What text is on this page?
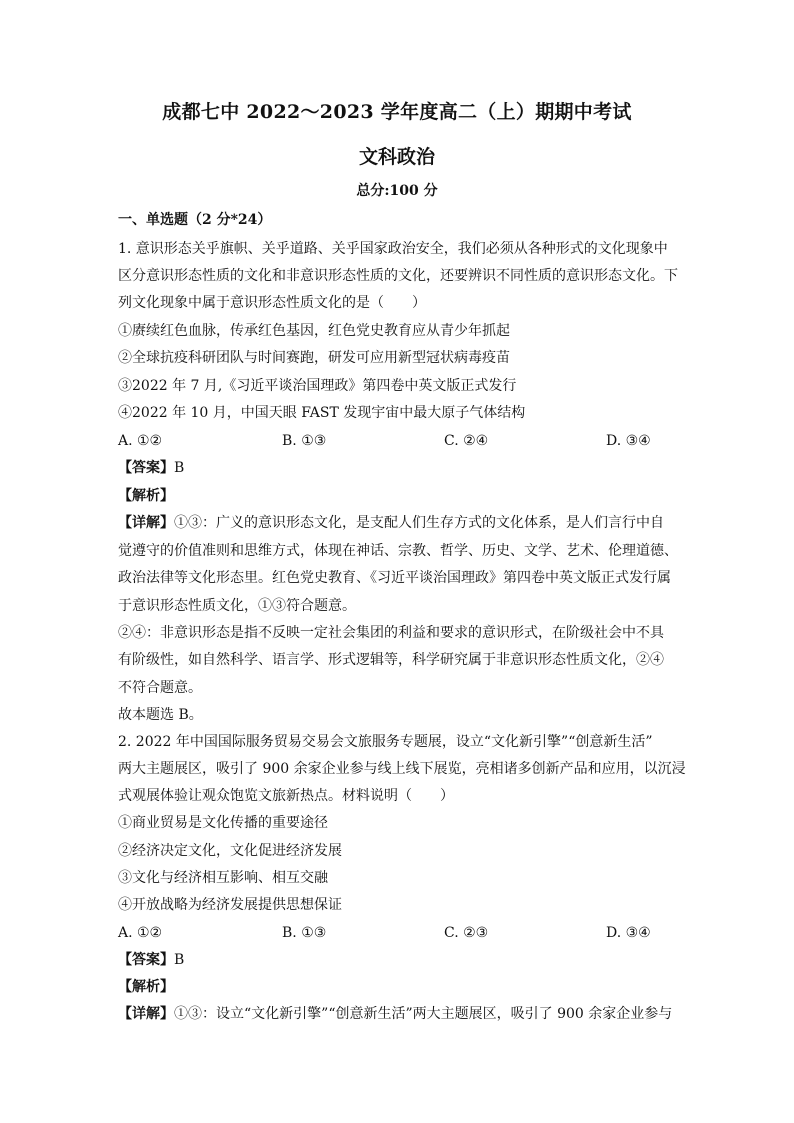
成都七中 2022～2023 学年度高二（上）期期中考试
文科政治
总分:100 分
一、单选题（2 分*24）
1. 意识形态关乎旗帜、关乎道路、关乎国家政治安全，我们必须从各种形式的文化现象中
区分意识形态性质的文化和非意识形态性质的文化，还要辨识不同性质的意识形态文化。下
列文化现象中属于意识形态性质文化的是（　　）
①赓续红色血脉，传承红色基因，红色党史教育应从青少年抓起
②全球抗疫科研团队与时间赛跑，研发可应用新型冠状病毒疫苗
③2022 年 7 月,《习近平谈治国理政》第四卷中英文版正式发行
④2022 年 10 月，中国天眼 FAST 发现宇宙中最大原子气体结构
A. ①②	B. ①③	C. ②④	D. ③④
【答案】B
【解析】
【详解】①③：广义的意识形态文化，是支配人们生存方式的文化体系，是人们言行中自
觉遵守的价值准则和思维方式，体现在神话、宗教、哲学、历史、文学、艺术、伦理道德、
政治法律等文化形态里。红色党史教育、《习近平谈治国理政》第四卷中英文版正式发行属
于意识形态性质文化，①③符合题意。
②④：非意识形态是指不反映一定社会集团的利益和要求的意识形式，在阶级社会中不具
有阶级性，如自然科学、语言学、形式逻辑等，科学研究属于非意识形态性质文化，②④
不符合题意。
故本题选 B。
2. 2022 年中国国际服务贸易交易会文旅服务专题展，设立“文化新引擎”“创意新生活”
两大主题展区，吸引了 900 余家企业参与线上线下展览，亮相诸多创新产品和应用，以沉浸
式观展体验让观众饱览文旅新热点。材料说明（　　）
①商业贸易是文化传播的重要途径
②经济决定文化，文化促进经济发展
③文化与经济相互影响、相互交融
④开放战略为经济发展提供思想保证
A. ①②	B. ①③	C. ②③	D. ③④
【答案】B
【解析】
【详解】①③：设立“文化新引擎”“创意新生活”两大主题展区，吸引了 900 余家企业参与
